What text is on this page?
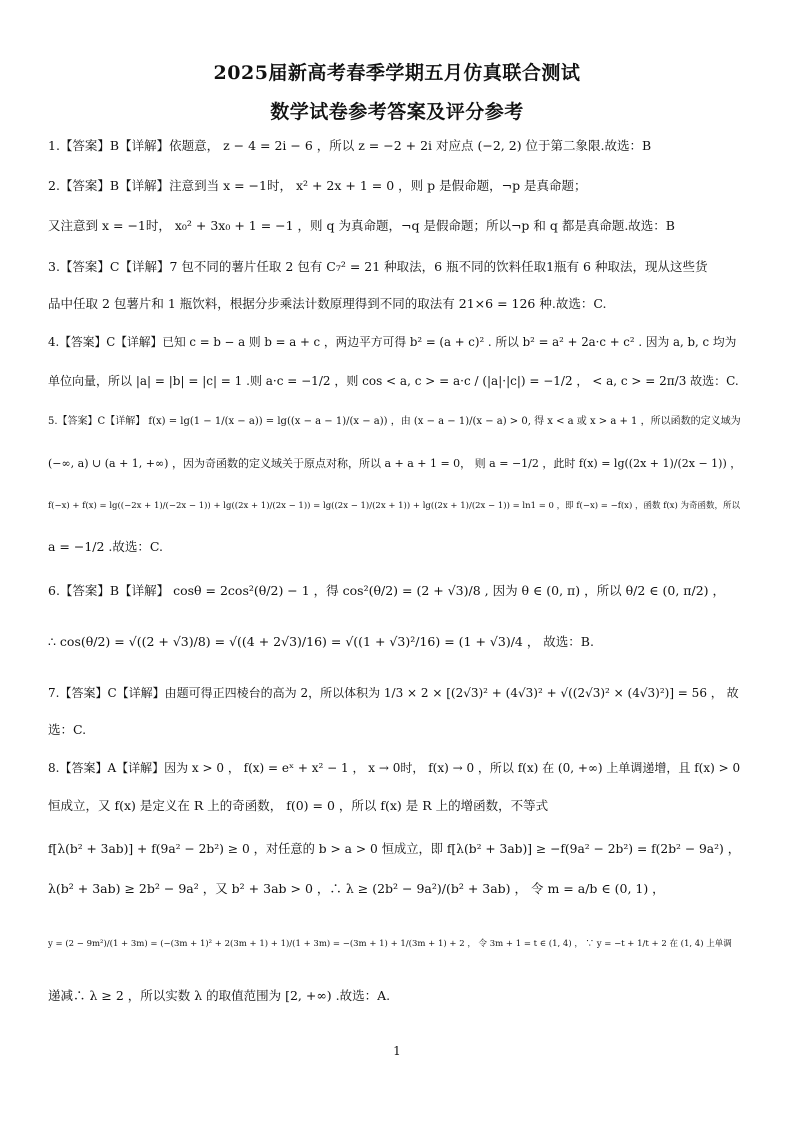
2025届新高考春季学期五月仿真联合测试
数学试卷参考答案及评分参考
1.【答案】B【详解】依题意， z − 4 = 2i − 6 ，所以 z = −2 + 2i 对应点 (−2, 2) 位于第二象限.故选：B
2.【答案】B【详解】注意到当 x = −1时， x² + 2x + 1 = 0 ，则 p 是假命题，¬p 是真命题；
又注意到 x = −1时， x₀² + 3x₀ + 1 = −1 ，则 q 为真命题，¬q 是假命题；所以¬p 和 q 都是真命题.故选：B
3.【答案】C【详解】7 包不同的薯片任取 2 包有 C₇² = 21 种取法，6 瓶不同的饮料任取1瓶有 6 种取法，现从这些货
品中任取 2 包薯片和 1 瓶饮料，根据分步乘法计数原理得到不同的取法有 21×6 = 126 种.故选：C.
4.【答案】C【详解】已知 c = b − a 则 b = a + c ，两边平方可得 b² = (a + c)² . 所以 b² = a² + 2a·c + c² . 因为 a, b, c 均为
单位向量，所以 |a| = |b| = |c| = 1 .则 a·c = −1/2 ，则 cos < a, c > = a·c / (|a|·|c|) = −1/2 ， < a, c > = 2π/3 故选：C.
5.【答案】C【详解】 f(x) = lg(1 − 1/(x − a)) = lg((x − a − 1)/(x − a)) ，由 (x − a − 1)/(x − a) > 0, 得 x < a 或 x > a + 1 ，所以函数的定义域为
(−∞, a) ∪ (a + 1, +∞) ，因为奇函数的定义域关于原点对称，所以 a + a + 1 = 0， 则 a = −1/2 ，此时 f(x) = lg((2x + 1)/(2x − 1)) ，
f(−x) + f(x) = lg((−2x + 1)/(−2x − 1)) + lg((2x + 1)/(2x − 1)) = lg((2x − 1)/(2x + 1)) + lg((2x + 1)/(2x − 1)) = ln1 = 0 ，即 f(−x) = −f(x) ，函数 f(x) 为奇函数，所以
a = −1/2 .故选：C.
6.【答案】B【详解】 cosθ = 2cos²(θ/2) − 1 ，得 cos²(θ/2) = (2 + √3)/8 , 因为 θ ∈ (0, π) ，所以 θ/2 ∈ (0, π/2) ，
∴ cos(θ/2) = √((2 + √3)/8) = √((4 + 2√3)/16) = √((1 + √3)²/16) = (1 + √3)/4 ， 故选：B.
7.【答案】C【详解】由题可得正四棱台的高为 2，所以体积为 1/3 × 2 × [(2√3)² + (4√3)² + √((2√3)² × (4√3)²)] = 56 ， 故
选：C.
8.【答案】A【详解】因为 x > 0 ， f(x) = eˣ + x² − 1 ， x → 0时， f(x) → 0 ，所以 f(x) 在 (0, +∞) 上单调递增，且 f(x) > 0
恒成立，又 f(x) 是定义在 R 上的奇函数， f(0) = 0 ，所以 f(x) 是 R 上的增函数，不等式
f[λ(b² + 3ab)] + f(9a² − 2b²) ≥ 0 ，对任意的 b > a > 0 恒成立，即 f[λ(b² + 3ab)] ≥ −f(9a² − 2b²) = f(2b² − 9a²) ，
λ(b² + 3ab) ≥ 2b² − 9a² ，又 b² + 3ab > 0 ，∴ λ ≥ (2b² − 9a²)/(b² + 3ab) ， 令 m = a/b ∈ (0, 1) ，
y = (2 − 9m²)/(1 + 3m) = (−(3m + 1)² + 2(3m + 1) + 1)/(1 + 3m) = −(3m + 1) + 1/(3m + 1) + 2 ， 令 3m + 1 = t ∈ (1, 4) ， ∵ y = −t + 1/t + 2 在 (1, 4) 上单调
递减∴ λ ≥ 2 ，所以实数 λ 的取值范围为 [2, +∞) .故选：A.
1
